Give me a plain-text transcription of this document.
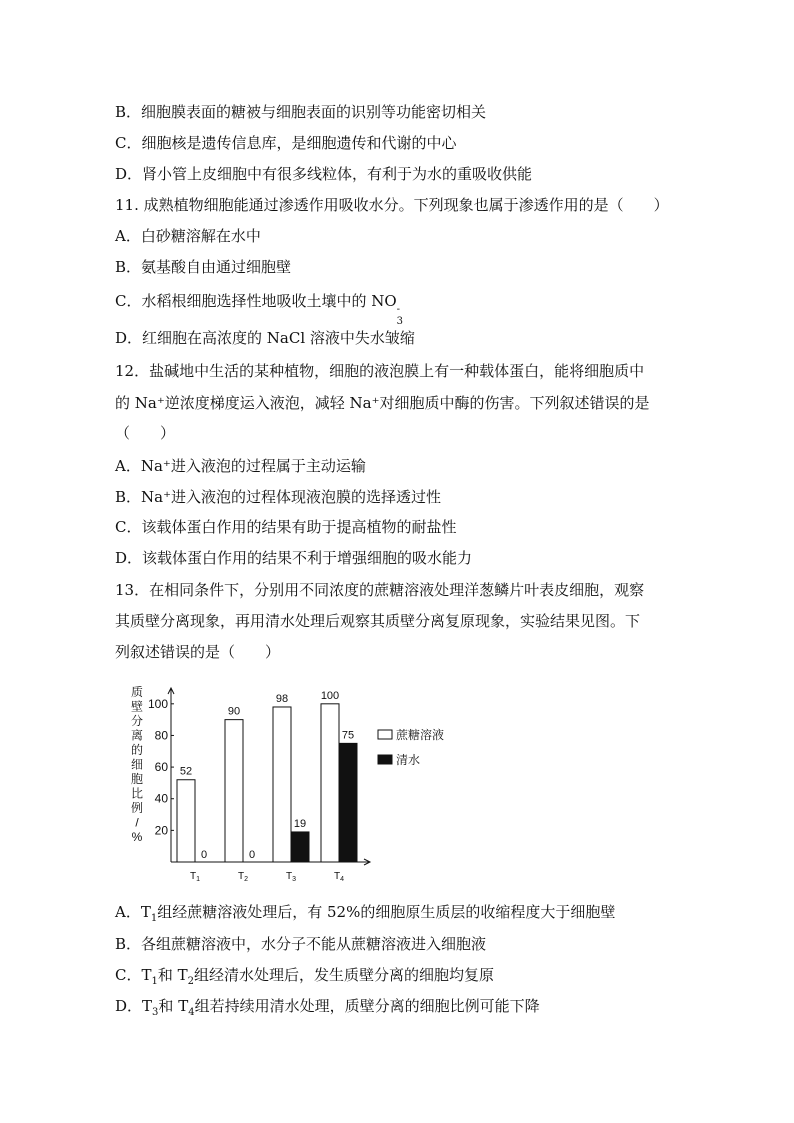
B．细胞膜表面的糖被与细胞表面的识别等功能密切相关
C．细胞核是遗传信息库，是细胞遗传和代谢的中心
D．肾小管上皮细胞中有很多线粒体，有利于为水的重吸收供能
11. 成熟植物细胞能通过渗透作用吸收水分。下列现象也属于渗透作用的是（　　）
A．白砂糖溶解在水中
B．氨基酸自由通过细胞壁
C．水稻根细胞选择性地吸收土壤中的 NO -
3
D．红细胞在高浓度的 NaCl 溶液中失水皱缩
12．盐碱地中生活的某种植物，细胞的液泡膜上有一种载体蛋白，能将细胞质中
的 Na⁺逆浓度梯度运入液泡，减轻 Na⁺对细胞质中酶的伤害。下列叙述错误的是
（　　）
A．Na⁺进入液泡的过程属于主动运输
B．Na⁺进入液泡的过程体现液泡膜的选择透过性
C．该载体蛋白作用的结果有助于提高植物的耐盐性
D．该载体蛋白作用的结果不利于增强细胞的吸水能力
13．在相同条件下，分别用不同浓度的蔗糖溶液处理洋葱鳞片叶表皮细胞，观察
其质壁分离现象，再用清水处理后观察其质壁分离复原现象，实验结果见图。下
列叙述错误的是（　　）
质
壁
分
离
的
细
胞
比
例
/
% 20
40
60
80
100
52
0
90
0
98
19
100
75
$T_1$	$T_2$	$T_3$	$T_4$
蔗糖溶液
清水
A．$T_1$组经蔗糖溶液处理后，有 52%的细胞原生质层的收缩程度大于细胞壁
B．各组蔗糖溶液中，水分子不能从蔗糖溶液进入细胞液
C．$T_1$和 $T_2$组经清水处理后，发生质壁分离的细胞均复原
D．$T_3$和 $T_4$组若持续用清水处理，质壁分离的细胞比例可能下降
